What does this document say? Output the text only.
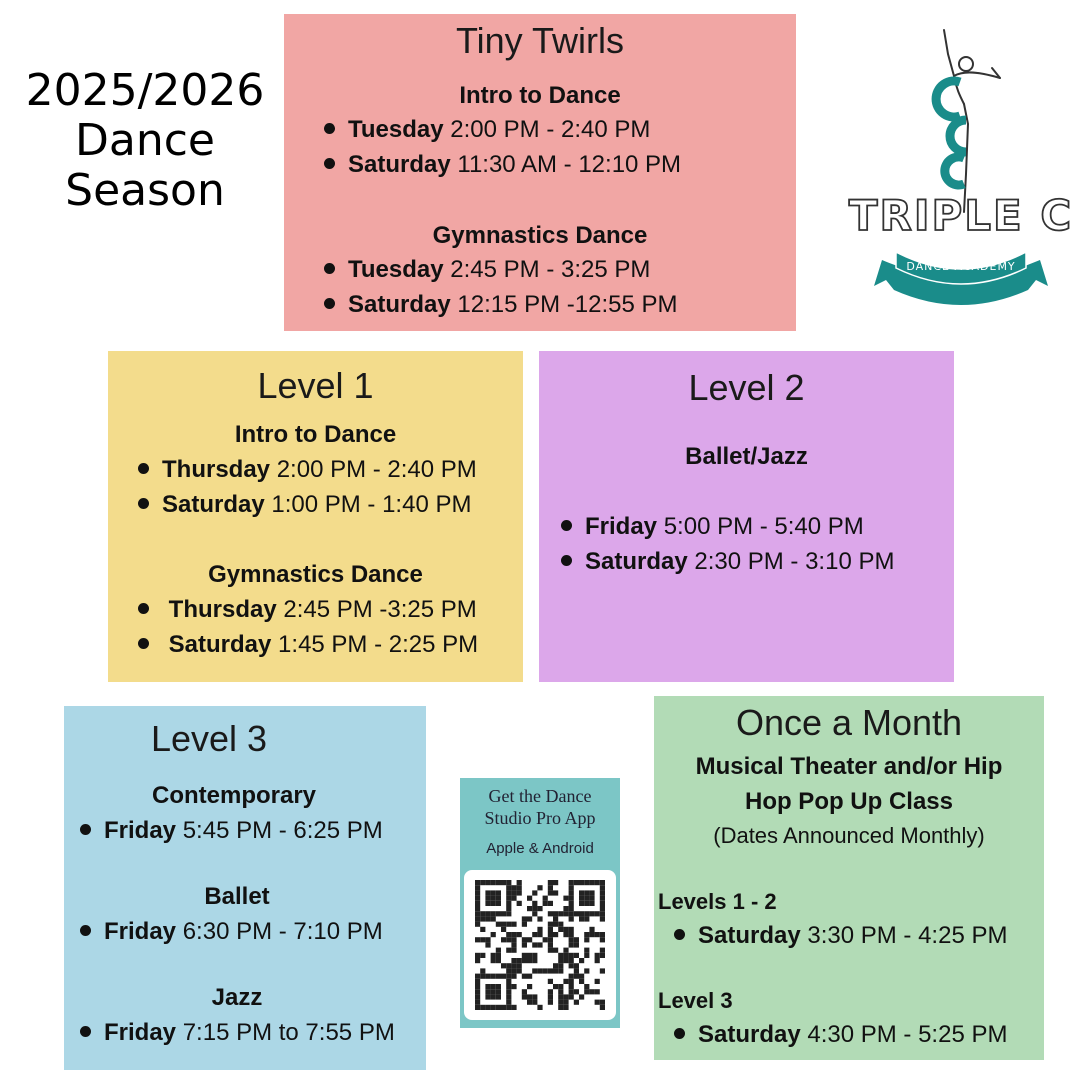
2025/2026
Dance
Season
Tiny Twirls
Intro to Dance
Tuesday 2:00 PM - 2:40 PM
Saturday 11:30 AM - 12:10 PM
Gymnastics Dance
Tuesday 2:45 PM - 3:25 PM
Saturday 12:15 PM -12:55 PM
TRIPLE C
DANCE ACADEMY
Level 1
Intro to Dance
Thursday 2:00 PM - 2:40 PM
Saturday 1:00 PM - 1:40 PM
Gymnastics Dance
Thursday 2:45 PM -3:25 PM
Saturday 1:45 PM - 2:25 PM
Level 2
Ballet/Jazz
Friday 5:00 PM - 5:40 PM
Saturday 2:30 PM - 3:10 PM
Level 3
Contemporary
Friday 5:45 PM - 6:25 PM
Ballet
Friday 6:30 PM - 7:10 PM
Jazz
Friday 7:15 PM to 7:55 PM
Get the Dance
Studio Pro App
Apple & Android
Once a Month
Musical Theater and/or Hip
Hop Pop Up Class
(Dates Announced Monthly)
Levels 1 - 2
Saturday 3:30 PM - 4:25 PM
Level 3
Saturday 4:30 PM - 5:25 PM
